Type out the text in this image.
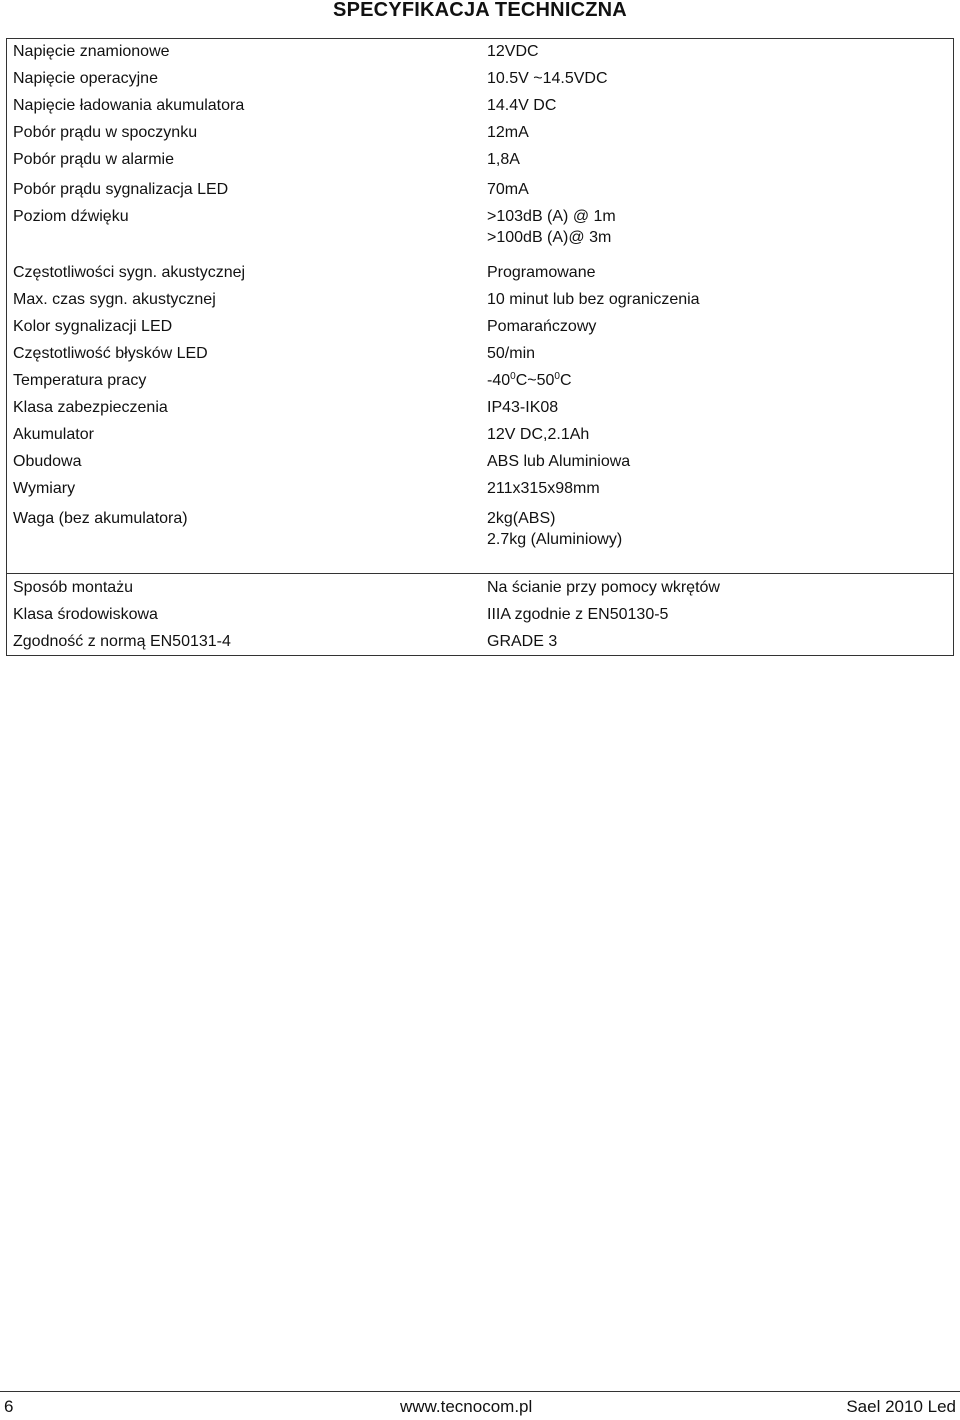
SPECYFIKACJA TECHNICZNA
Napięcie znamionowe	12VDC
Napięcie operacyjne	10.5V ~14.5VDC
Napięcie ładowania akumulatora	14.4V DC
Pobór prądu w spoczynku	12mA
Pobór prądu w alarmie	1,8A
Pobór prądu sygnalizacja LED	70mA
Poziom dźwięku	>103dB (A) @ 1m
>100dB (A)@ 3m
Częstotliwości sygn. akustycznej	Programowane
Max. czas sygn. akustycznej	10 minut lub bez ograniczenia
Kolor sygnalizacji LED	Pomarańczowy
Częstotliwość błysków LED	50/min
Temperatura pracy	$-40^0C\sim 50^0C$
Klasa zabezpieczenia	IP43-IK08
Akumulator	12V DC,2.1Ah
Obudowa	ABS lub Aluminiowa
Wymiary	211x315x98mm
Waga (bez akumulatora)	2kg(ABS)
2.7kg (Aluminiowy)
Sposób montażu	Na ścianie przy pomocy wkrętów
Klasa środowiskowa	IIIA zgodnie z EN50130-5
Zgodność z normą EN50131-4	GRADE 3
6	www.tecnocom.pl	Sael 2010 Led
